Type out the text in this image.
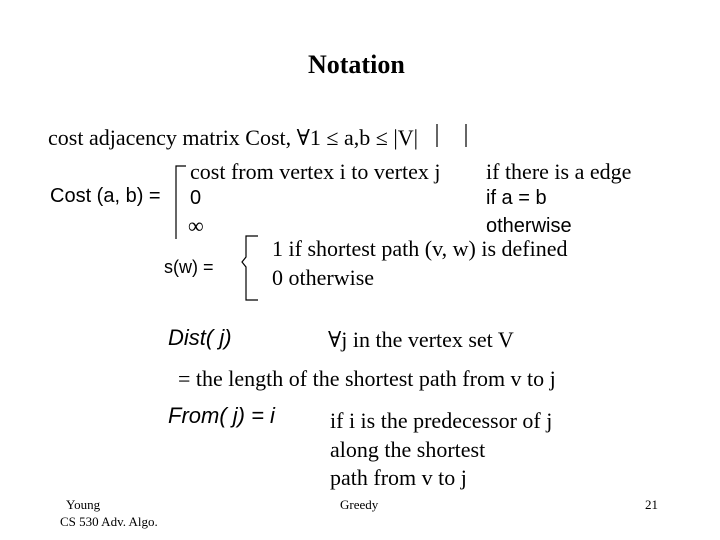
Notation
cost adjacency matrix Cost, ∀1 ≤ a,b ≤ |V|
Cost (a, b) =
cost from vertex i to vertex j if there is a edge
0	if a = b
∞	otherwise
s(w) =
1 if shortest path (v, w) is defined
0 otherwise
Dist( j)	∀j in the vertex set V
= the length of the shortest path from v to j
From( j) = i	if i is the predecessor of j
along the shortest
path from v to j
Young
CS 530 Adv. Algo.
Greedy	21
